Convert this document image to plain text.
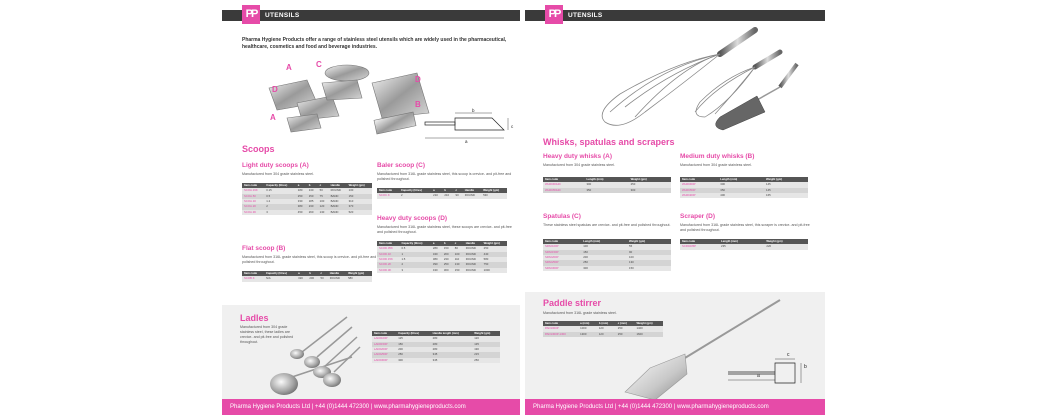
UTENSILS
PP
Pharma Hygiene Products offer a range of stainless steel utensils which are widely used in the pharmaceutical, healthcare, cosmetics and food and beverage industries.
A	C
D
D
B
A
b
c
a
Scoops
Light duty scoops (A)
Manufactured from 304 grade stainless steel.
Item code	Capacity (litres)	a	b	c	Handle	Weight (gm)
SCOA.19K	0.15	180	130	50	ROUND	130
SCOA.50	0.5	250	150	75	BAND	150
SCOA.1K	1.2	330	185	100	BAND	310
SCOA.2K	2	380	230	120	BAND	370
SCOA.3K	3	450	260	130	BAND	520
Flat scoop (B)
Manufactured from 316L grade stainless steel, this scoop is crevice- and pit-free and polished throughout.
Item code	Capacity (litres)	a	b	c	Handle	Weight (gm)
SCOB.K	N/A	320	200	50	ROUND	580
Baler scoop (C)
Manufactured from 316L grade stainless steel, this scoop is crevice- and pit-free and polished throughout.
Item code	Capacity (litres)	a	b	c	Handle	Weight (gm)
SCOC.K	2	210	210	90	ROUND	530
Heavy duty scoops (D)
Manufactured from 316L grade stainless steel, these scoops are crevice- and pit-free and polished throughout.
Item code	Capacity (litres)	a	b	c	Handle	Weight (gm)
SCOD.05K	0.5	280	150	80	ROUND	250
SCOD.1K	1	340	200	100	ROUND	440
SCOD.15K	1.5	380	230	110	ROUND	580
SCOD.2K	2	390	250	130	ROUND	750
SCOD.3K	3	430	300	150	ROUND	1000
Ladles
Manufactured from 304 grade stainless steel, these ladles are crevice- and pit-free and polished throughout.
Item code	Capacity (litres)	Handle length (mm)	Weight (gm)
LAD0100P	125	280	120
LAD0150P	150	280	135
LAD0200P	200	280	190
LAD0250P	250	345	215
LAD0300P	300	345	250
Pharma Hygiene Products Ltd | +44 (0)1444 472300 | www.pharmahygieneproducts.com
UTENSILS
PP
Whisks, spatulas and scrapers
Heavy duty whisks (A)
Manufactured from 304 grade stainless steel.
Item code	Length (mm)	Weight (gm)
WHI0300HD	300	250
WHI0350HD	350	300
Medium duty whisks (B)
Manufactured from 304 grade stainless steel.
Item code	Length (mm)	Weight (gm)
WHI0300P	300	145
WHI0350P	350	145
WHI0400P	400	165
Spatulas (C)
These stainless steel spatulas are crevice- and pit-free and polished throughout.
Item code	Length (mm)	Weight (gm)
SPA0100P	100	55
SPA0150P	150	90
SPA0200P	200	100
SPA0250P	250	130
SPA0300P	300	150
Scraper (D)
Manufactured from 316L grade stainless steel, this scraper is crevice- and pit-free and polished throughout.
Item code	Length (mm)	Weight (gm)
SCR0235P	235	220
Paddle stirrer
Manufactured from 316L grade stainless steel.
Item code	a (mm)	b (mm)	c (mm)	Weight (gm)
PAD1000P	1000	120	250	1400
PAD1300P-1300	1300	120	250	1600
c
b
a
Pharma Hygiene Products Ltd | +44 (0)1444 472300 | www.pharmahygieneproducts.com
